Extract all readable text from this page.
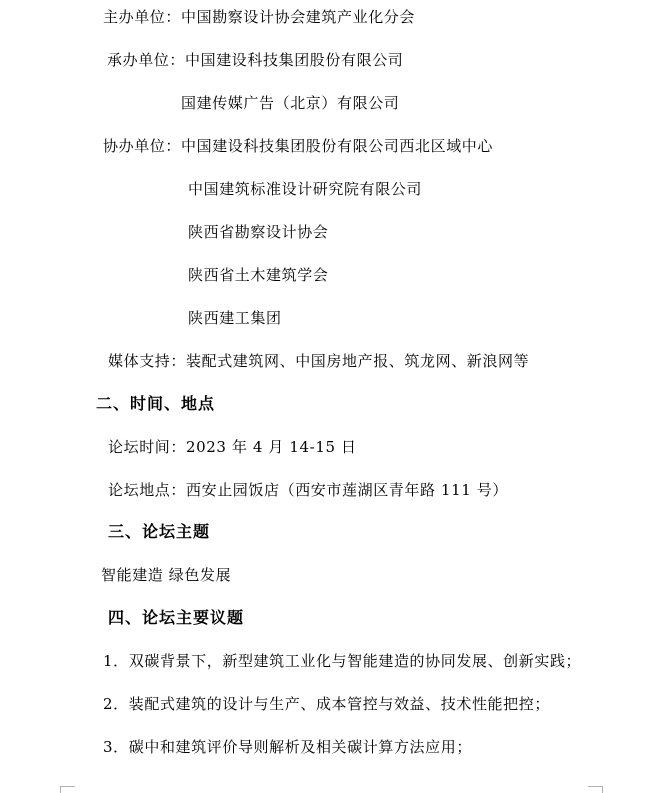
主办单位：中国勘察设计协会建筑产业化分会
承办单位：中国建设科技集团股份有限公司
国建传媒广告（北京）有限公司
协办单位：中国建设科技集团股份有限公司西北区域中心
中国建筑标准设计研究院有限公司
陕西省勘察设计协会
陕西省土木建筑学会
陕西建工集团
媒体支持：装配式建筑网、中国房地产报、筑龙网、新浪网等
二、时间、地点
论坛时间：2023 年 4 月 14-15 日
论坛地点：西安止园饭店（西安市莲湖区青年路 111 号）
三、论坛主题
智能建造 绿色发展
四、论坛主要议题
1．双碳背景下，新型建筑工业化与智能建造的协同发展、创新实践；
2．装配式建筑的设计与生产、成本管控与效益、技术性能把控；
3．碳中和建筑评价导则解析及相关碳计算方法应用；
